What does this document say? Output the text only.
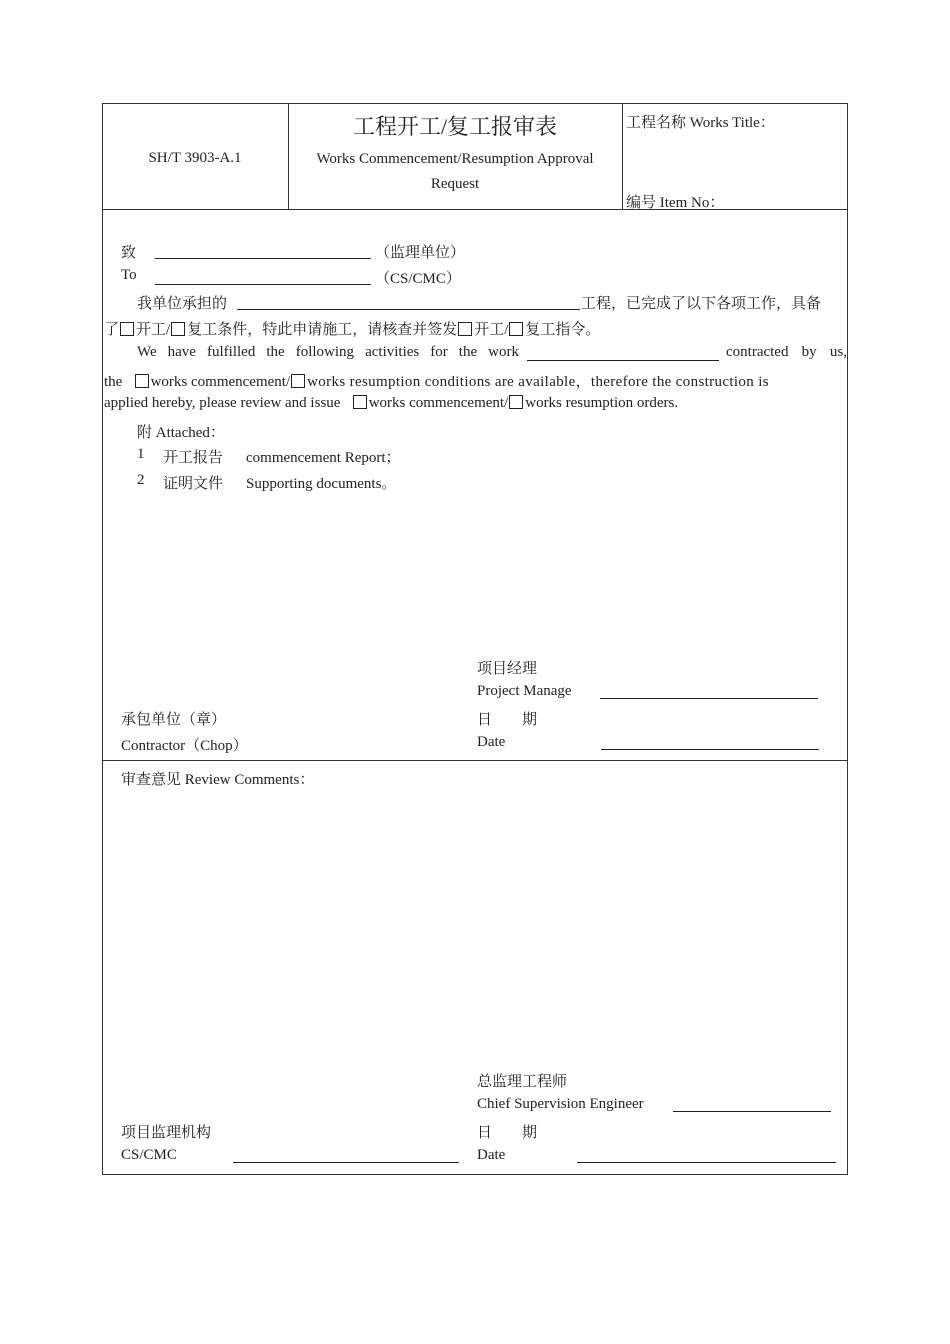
SH/T 3903-A.1
工程开工/复工报审表
Works Commencement/Resumption Approval
Request
工程名称 Works Title：
编号 Item No：
致	（监理单位）
To	（CS/CMC）
我单位承担的	工程，已完成了以下各项工作，具备
了 开工/ 复工条件，特此申请施工，请核查并签发 开工/ 复工指令。
We have fulfilled the following activities for the work	contracted by us,
the works commencement/ works resumption conditions are available，therefore the construction is
applied hereby, please review and issue works commencement/ works resumption orders.
附 Attached：
1 开工报告 commencement Report；
2 证明文件 Supporting documents。
项目经理
Project Manage
承包单位（章）	日　　期
Contractor（Chop）	Date
审查意见 Review Comments：
总监理工程师
Chief Supervision Engineer
项目监理机构	日　　期
CS/CMC	Date
